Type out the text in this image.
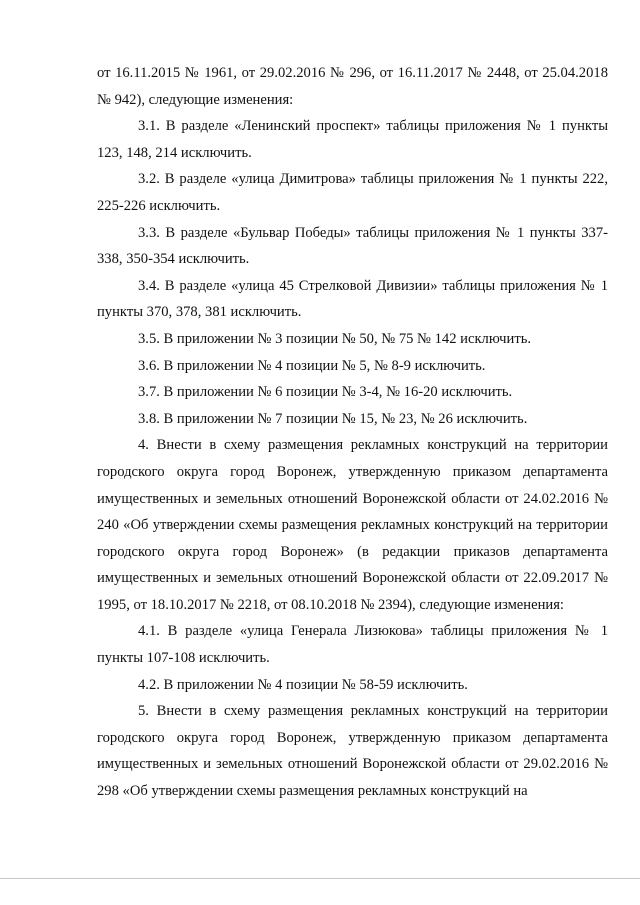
от 16.11.2015 № 1961, от 29.02.2016 № 296, от 16.11.2017 № 2448, от 25.04.2018 № 942), следующие изменения:

3.1. В разделе «Ленинский проспект» таблицы приложения № 1 пункты 123, 148, 214 исключить.

3.2. В разделе «улица Димитрова» таблицы приложения № 1 пункты 222, 225-226 исключить.

3.3. В разделе «Бульвар Победы» таблицы приложения № 1 пункты 337-338, 350-354 исключить.

3.4. В разделе «улица 45 Стрелковой Дивизии» таблицы приложения № 1 пункты 370, 378, 381 исключить.

3.5. В приложении № 3 позиции № 50, № 75 № 142 исключить.

3.6. В приложении № 4 позиции № 5, № 8-9 исключить.

3.7. В приложении № 6 позиции № 3-4, № 16-20 исключить.

3.8. В приложении № 7 позиции № 15, № 23, № 26 исключить.

4. Внести в схему размещения рекламных конструкций на территории городского округа город Воронеж, утвержденную приказом департамента имущественных и земельных отношений Воронежской области от 24.02.2016 № 240 «Об утверждении схемы размещения рекламных конструкций на территории городского округа город Воронеж» (в редакции приказов департамента имущественных и земельных отношений Воронежской области от 22.09.2017 № 1995, от 18.10.2017 № 2218, от 08.10.2018 № 2394), следующие изменения:

4.1. В разделе «улица Генерала Лизюкова» таблицы приложения № 1 пункты 107-108 исключить.

4.2. В приложении № 4 позиции № 58-59 исключить.

5. Внести в схему размещения рекламных конструкций на территории городского округа город Воронеж, утвержденную приказом департамента имущественных и земельных отношений Воронежской области от 29.02.2016 № 298 «Об утверждении схемы размещения рекламных конструкций на
